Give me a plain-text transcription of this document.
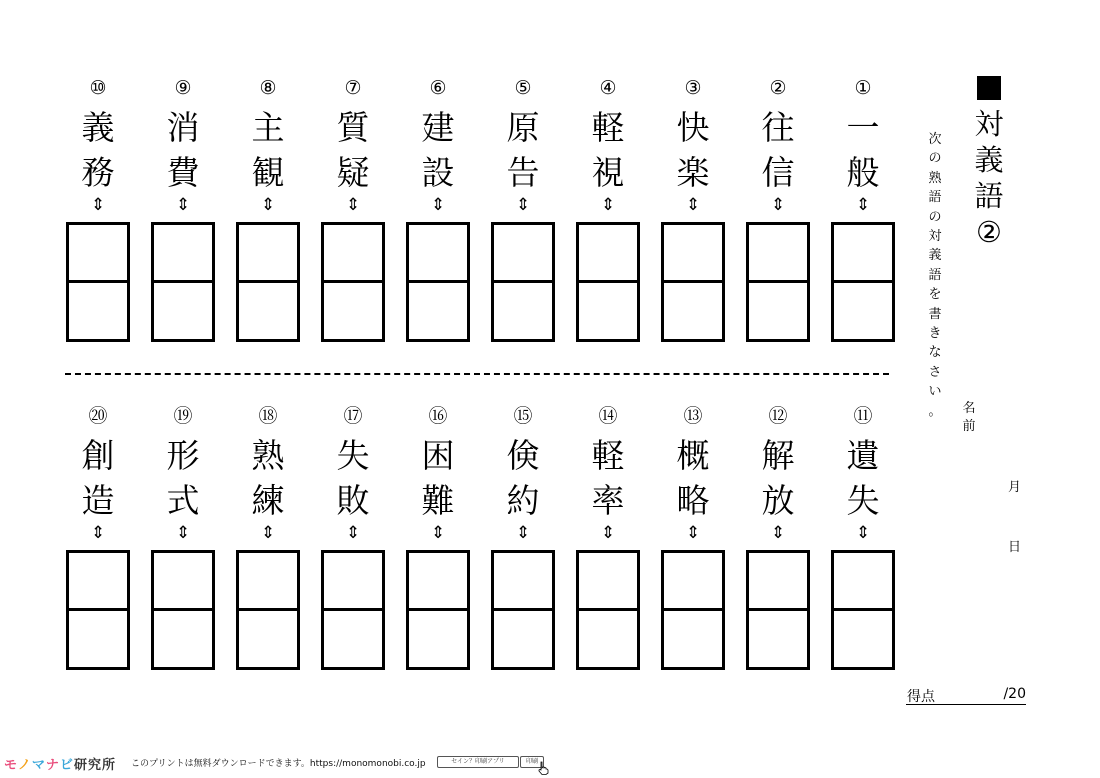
①
一
般
⇕
②
往
信
⇕
③
快
楽
⇕
④
軽
視
⇕
⑤
原
告
⇕
⑥
建
設
⇕
⑦
質
疑
⇕
⑧
主
観
⇕
⑨
消
費
⇕
⑩
義
務
⇕
⑪
遺
失
⇕
⑫
解
放
⇕
⑬
概
略
⇕
⑭
軽
率
⇕
⑮
倹
約
⇕
⑯
困
難
⇕
⑰
失
敗
⇕
⑱
熟
練
⇕
⑲
形
式
⇕
⑳
創
造
⇕
対
義
語
②
次
の
熟
語
の
対
義
語
を
書
き
な
さ
い
。	名
前
月
日
得点	/20
モノマナビ研究所 このプリントは無料ダウンロードできます。https://monomonobi.co.jp	セイン？印刷アプリ	印刷
